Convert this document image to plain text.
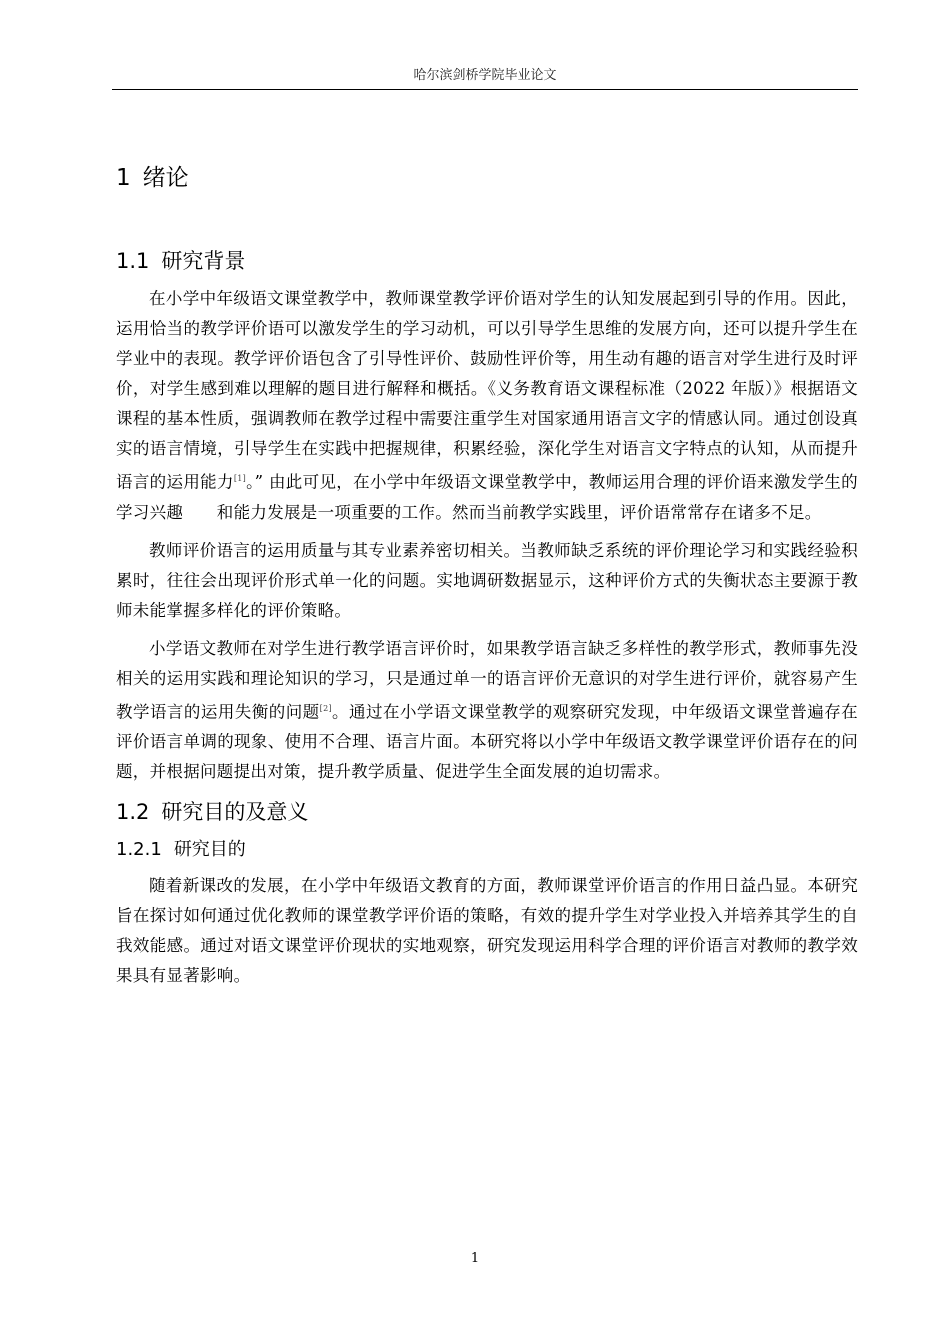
哈尔滨剑桥学院毕业论文
1 绪论
1.1 研究背景

在小学中年级语文课堂教学中，教师课堂教学评价语对学生的认知发展起到引导的作用。因此，运用恰当的教学评价语可以激发学生的学习动机，可以引导学生思维的发展方向，还可以提升学生在学业中的表现。教学评价语包含了引导性评价、鼓励性评价等，用生动有趣的语言对学生进行及时评价，对学生感到难以理解的题目进行解释和概括。《义务教育语文课程标准（2022 年版）》根据语文课程的基本性质，强调教师在教学过程中需要注重学生对国家通用语言文字的情感认同。通过创设真实的语言情境，引导学生在实践中把握规律，积累经验，深化学生对语言文字特点的认知，从而提升语言的运用能力[1]。” 由此可见，在小学中年级语文课堂教学中，教师运用合理的评价语来激发学生的学习兴趣　　和能力发展是一项重要的工作。然而当前教学实践里，评价语常常存在诸多不足。

教师评价语言的运用质量与其专业素养密切相关。当教师缺乏系统的评价理论学习和实践经验积累时，往往会出现评价形式单一化的问题。实地调研数据显示，这种评价方式的失衡状态主要源于教师未能掌握多样化的评价策略。

小学语文教师在对学生进行教学语言评价时，如果教学语言缺乏多样性的教学形式，教师事先没相关的运用实践和理论知识的学习，只是通过单一的语言评价无意识的对学生进行评价，就容易产生教学语言的运用失衡的问题[2]。通过在小学语文课堂教学的观察研究发现，中年级语文课堂普遍存在评价语言单调的现象、使用不合理、语言片面。本研究将以小学中年级语文教学课堂评价语存在的问题，并根据问题提出对策，提升教学质量、促进学生全面发展的迫切需求。

1.2 研究目的及意义
1.2.1 研究目的

随着新课改的发展，在小学中年级语文教育的方面，教师课堂评价语言的作用日益凸显。本研究旨在探讨如何通过优化教师的课堂教学评价语的策略，有效的提升学生对学业投入并培养其学生的自我效能感。通过对语文课堂评价现状的实地观察，研究发现运用科学合理的评价语言对教师的教学效果具有显著影响。

1
